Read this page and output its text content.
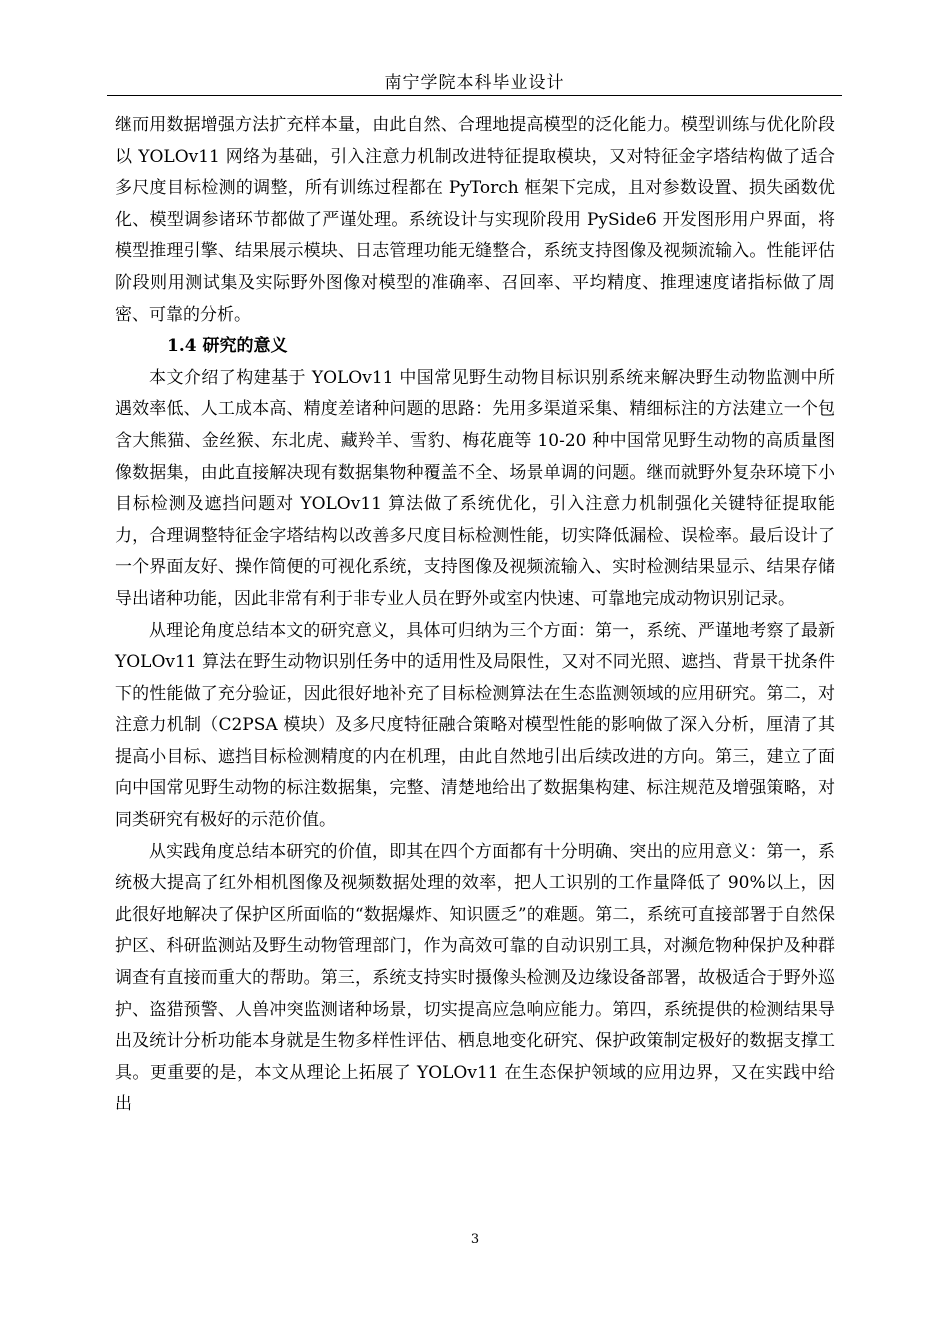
南宁学院本科毕业设计

继而用数据增强方法扩充样本量，由此自然、合理地提高模型的泛化能力。模型训练与优化阶段以 YOLOv11 网络为基础，引入注意力机制改进特征提取模块，又对特征金字塔结构做了适合多尺度目标检测的调整，所有训练过程都在 PyTorch 框架下完成，且对参数设置、损失函数优化、模型调参诸环节都做了严谨处理。系统设计与实现阶段用 PySide6 开发图形用户界面，将模型推理引擎、结果展示模块、日志管理功能无缝整合，系统支持图像及视频流输入。性能评估阶段则用测试集及实际野外图像对模型的准确率、召回率、平均精度、推理速度诸指标做了周密、可靠的分析。

1.4 研究的意义

本文介绍了构建基于 YOLOv11 中国常见野生动物目标识别系统来解决野生动物监测中所遇效率低、人工成本高、精度差诸种问题的思路：先用多渠道采集、精细标注的方法建立一个包含大熊猫、金丝猴、东北虎、藏羚羊、雪豹、梅花鹿等 10-20 种中国常见野生动物的高质量图像数据集，由此直接解决现有数据集物种覆盖不全、场景单调的问题。继而就野外复杂环境下小目标检测及遮挡问题对 YOLOv11 算法做了系统优化，引入注意力机制强化关键特征提取能力，合理调整特征金字塔结构以改善多尺度目标检测性能，切实降低漏检、误检率。最后设计了一个界面友好、操作简便的可视化系统，支持图像及视频流输入、实时检测结果显示、结果存储导出诸种功能，因此非常有利于非专业人员在野外或室内快速、可靠地完成动物识别记录。

从理论角度总结本文的研究意义，具体可归纳为三个方面：第一，系统、严谨地考察了最新 YOLOv11 算法在野生动物识别任务中的适用性及局限性，又对不同光照、遮挡、背景干扰条件下的性能做了充分验证，因此很好地补充了目标检测算法在生态监测领域的应用研究。第二，对注意力机制（C2PSA 模块）及多尺度特征融合策略对模型性能的影响做了深入分析，厘清了其提高小目标、遮挡目标检测精度的内在机理，由此自然地引出后续改进的方向。第三，建立了面向中国常见野生动物的标注数据集，完整、清楚地给出了数据集构建、标注规范及增强策略，对同类研究有极好的示范价值。

从实践角度总结本研究的价值，即其在四个方面都有十分明确、突出的应用意义：第一，系统极大提高了红外相机图像及视频数据处理的效率，把人工识别的工作量降低了 90%以上，因此很好地解决了保护区所面临的“数据爆炸、知识匮乏”的难题。第二，系统可直接部署于自然保护区、科研监测站及野生动物管理部门，作为高效可靠的自动识别工具，对濒危物种保护及种群调查有直接而重大的帮助。第三，系统支持实时摄像头检测及边缘设备部署，故极适合于野外巡护、盗猎预警、人兽冲突监测诸种场景，切实提高应急响应能力。第四，系统提供的检测结果导出及统计分析功能本身就是生物多样性评估、栖息地变化研究、保护政策制定极好的数据支撑工具。更重要的是，本文从理论上拓展了 YOLOv11 在生态保护领域的应用边界，又在实践中给出

3
